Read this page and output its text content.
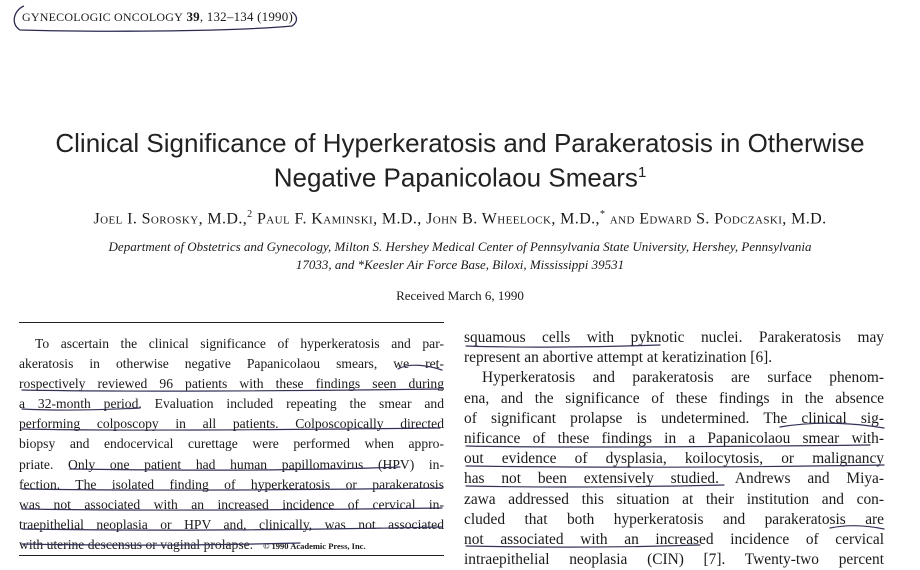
GYNECOLOGIC ONCOLOGY 39, 132–134 (1990)
Clinical Significance of Hyperkeratosis and Parakeratosis in Otherwise
Negative Papanicolaou Smears$^1$
Joel I. Sorosky, M.D.,$^2$ Paul F. Kaminski, M.D., John B. Wheelock, M.D.,* and Edward S. Podczaski, M.D.
Department of Obstetrics and Gynecology, Milton S. Hershey Medical Center of Pennsylvania State University, Hershey, Pennsylvania
17033, and *Keesler Air Force Base, Biloxi, Mississippi 39531
Received March 6, 1990
To ascertain the clinical significance of hyperkeratosis and par-
akeratosis in otherwise negative Papanicolaou smears, we ret-
rospectively reviewed 96 patients with these findings seen during
a 32-month period. Evaluation included repeating the smear and
performing colposcopy in all patients. Colposcopically directed
biopsy and endocervical curettage were performed when appro-
priate. Only one patient had human papillomavirus (HPV) in-
fection. The isolated finding of hyperkeratosis or parakeratosis
was not associated with an increased incidence of cervical in-
traepithelial neoplasia or HPV and, clinically, was not associated
with uterine descensus or vaginal prolapse. © 1990 Academic Press, Inc.
squamous cells with pyknotic nuclei. Parakeratosis may
represent an abortive attempt at keratizination [6].
Hyperkeratosis and parakeratosis are surface phenom-
ena, and the significance of these findings in the absence
of significant prolapse is undetermined. The clinical sig-
nificance of these findings in a Papanicolaou smear with-
out evidence of dysplasia, koilocytosis, or malignancy
has not been extensively studied. Andrews and Miya-
zawa addressed this situation at their institution and con-
cluded that both hyperkeratosis and parakeratosis are
not associated with an increased incidence of cervical
intraepithelial neoplasia (CIN) [7]. Twenty-two percent
